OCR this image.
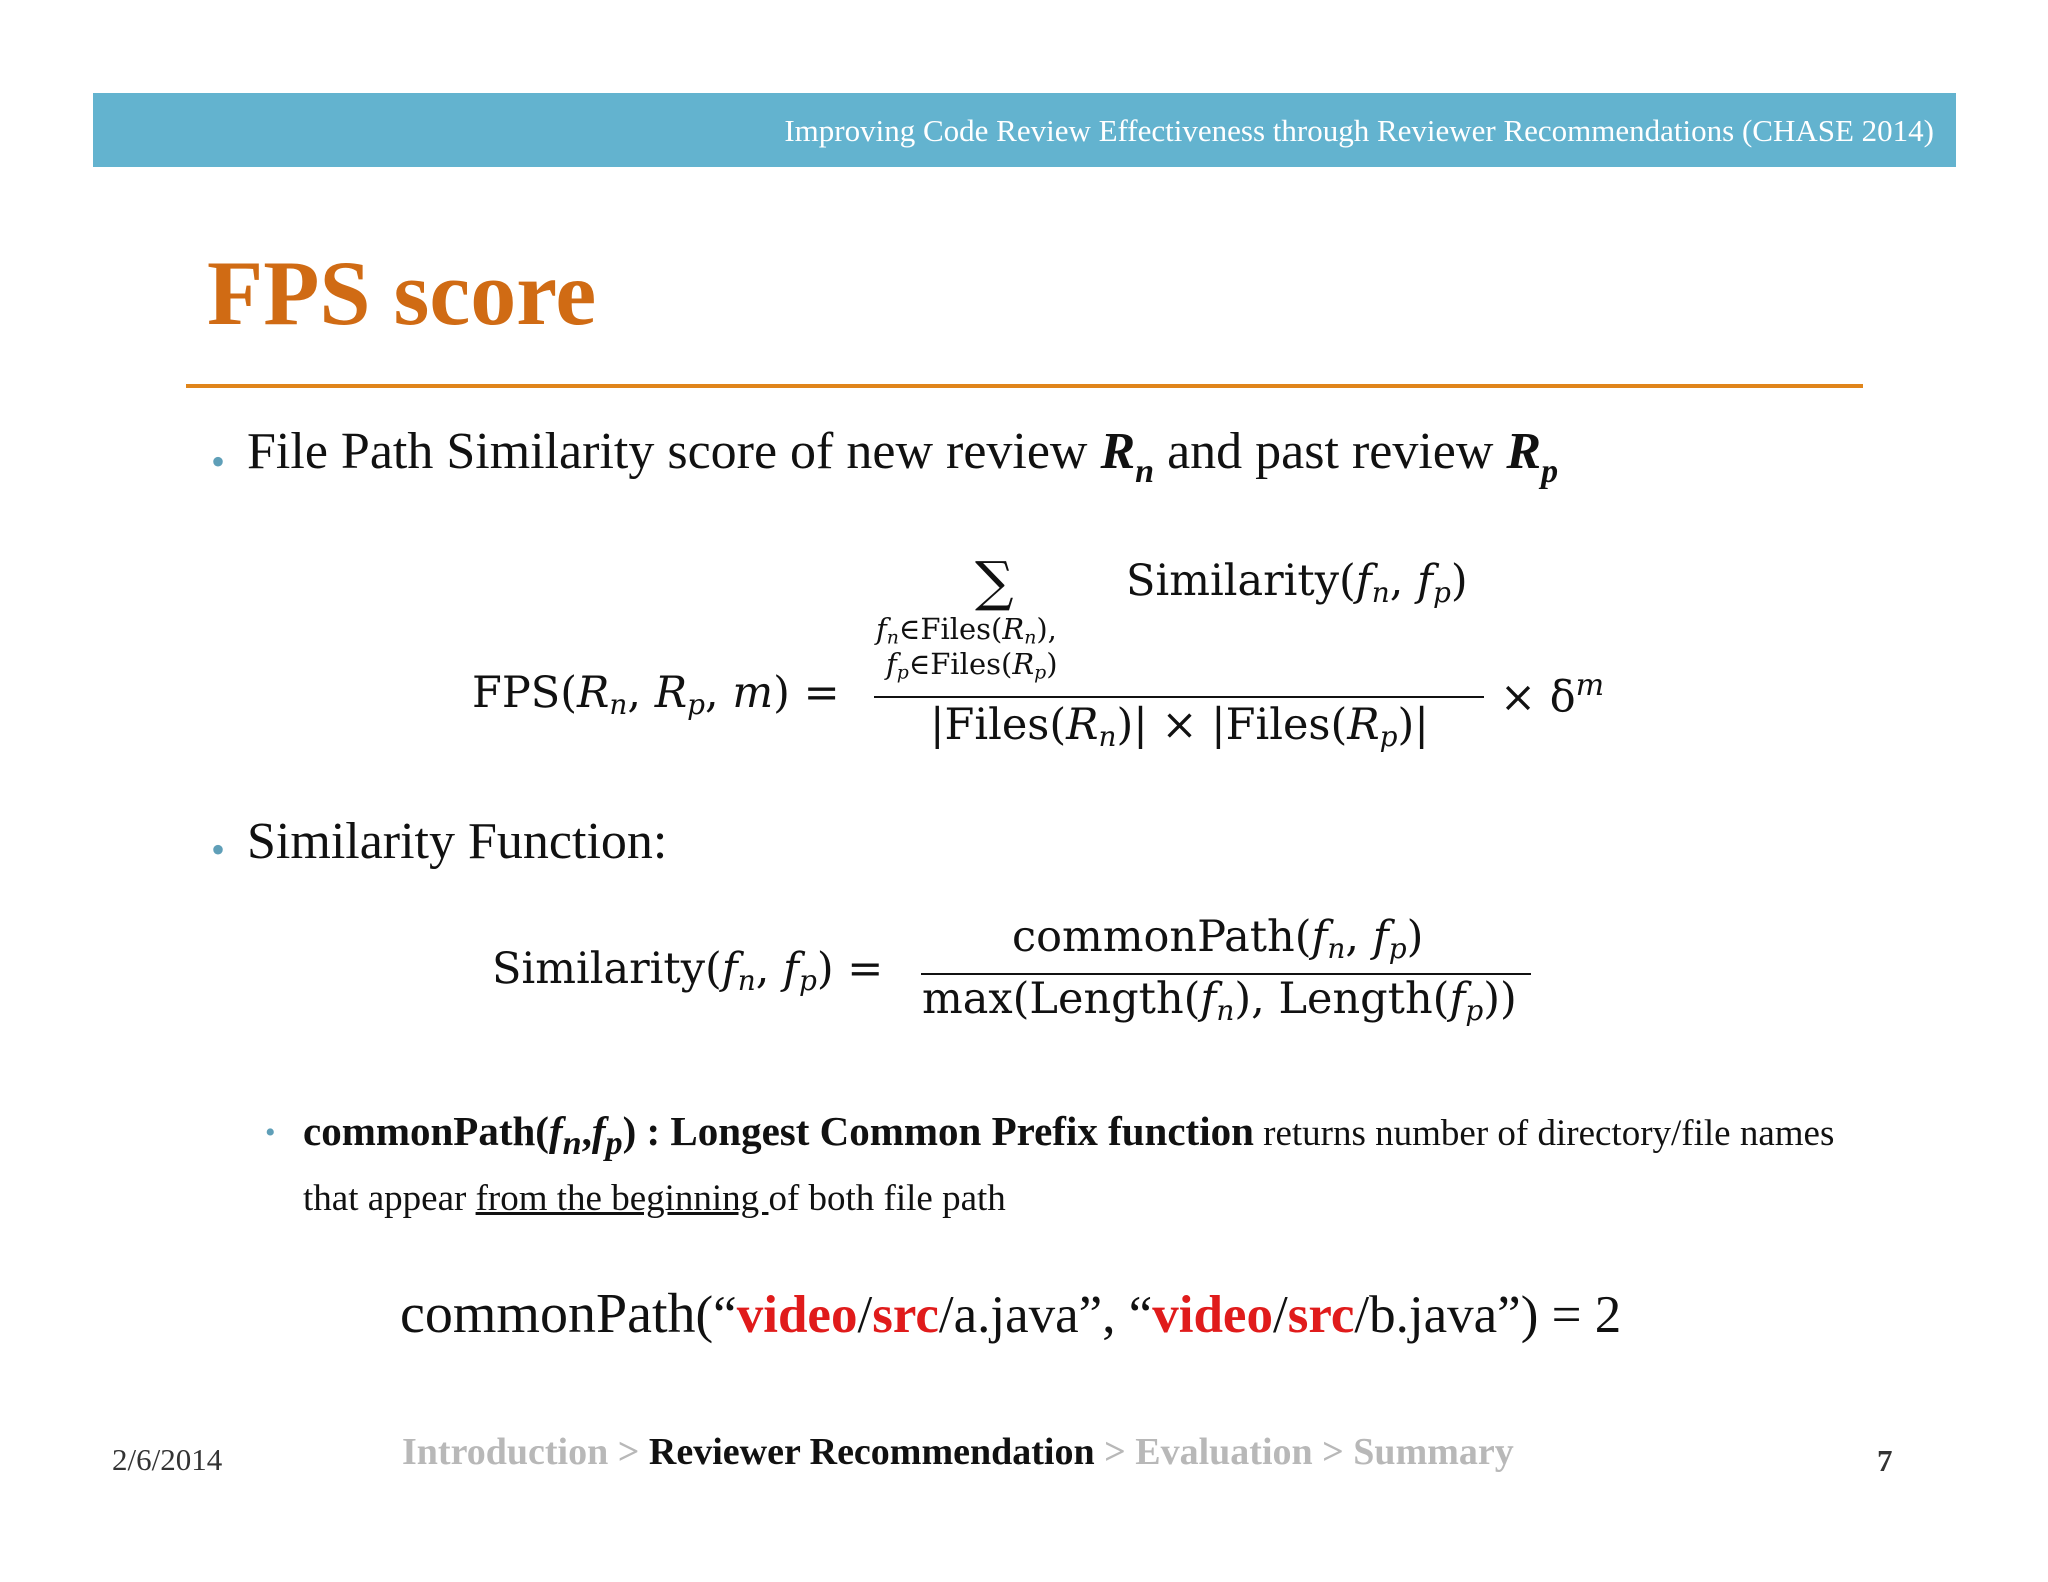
Improving Code Review Effectiveness through Reviewer Recommendations (CHASE 2014)
FPS score
• File Path Similarity score of new review $R_n$ and past review $R_p$
$FPS(R_n$, $R_p$, m) =
∑
$f_n\in Files(R_n)$,
$f_p\in Files(R_p)$
$Similarity(f_n$, $f_p$)
$|Files(R_n)|$ × $|Files(R_p)|$
× $\delta^m$
• Similarity Function:
$Similarity(f_n$, $f_p$) =
$commonPath(f_n$, $f_p$)
$\max(Length(f_n)$, $Length(f_p)$)
• $commonPath(f_n,f_p)$ : Longest Common Prefix function returns number of directory/file names that appear from the beginning of both file path
commonPath(“video/src/a.java”, “video/src/b.java”) = 2
2/6/2014	Introduction > Reviewer Recommendation > Evaluation > Summary	7
